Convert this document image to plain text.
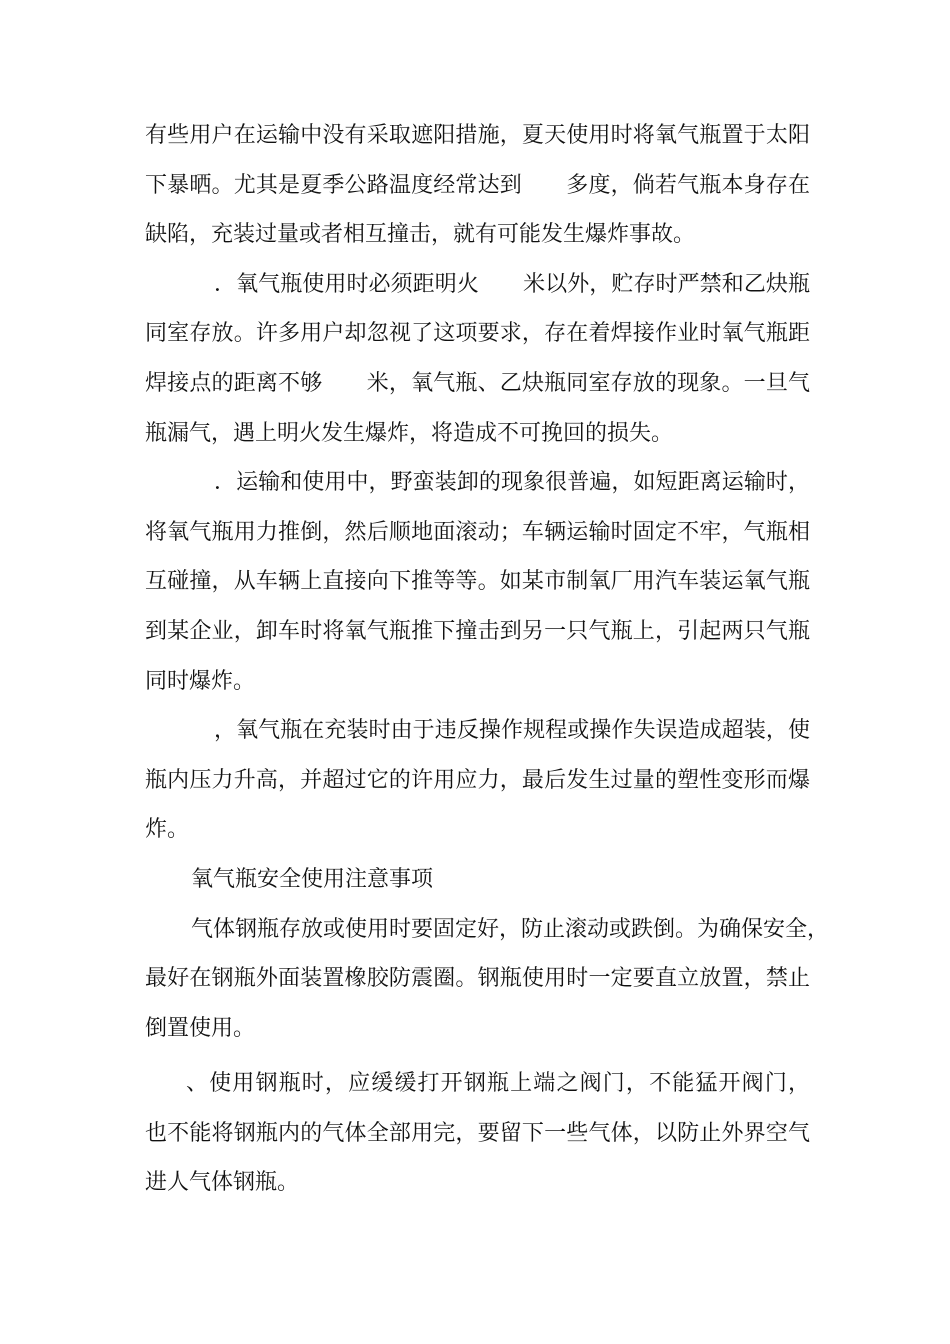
有些用户在运输中没有采取遮阳措施，夏天使用时将氧气瓶置于太阳
下暴晒。尤其是夏季公路温度经常达到　　多度，倘若气瓶本身存在
缺陷，充装过量或者相互撞击，就有可能发生爆炸事故。
．氧气瓶使用时必须距明火　　米以外，贮存时严禁和乙炔瓶
同室存放。许多用户却忽视了这项要求，存在着焊接作业时氧气瓶距
焊接点的距离不够　　米，氧气瓶、乙炔瓶同室存放的现象。一旦气
瓶漏气，遇上明火发生爆炸，将造成不可挽回的损失。
．运输和使用中，野蛮装卸的现象很普遍，如短距离运输时，
将氧气瓶用力推倒，然后顺地面滚动；车辆运输时固定不牢，气瓶相
互碰撞，从车辆上直接向下推等等。如某市制氧厂用汽车装运氧气瓶
到某企业，卸车时将氧气瓶推下撞击到另一只气瓶上，引起两只气瓶
同时爆炸。
，氧气瓶在充装时由于违反操作规程或操作失误造成超装，使
瓶内压力升高，并超过它的许用应力，最后发生过量的塑性变形而爆
炸。
氧气瓶安全使用注意事项
气体钢瓶存放或使用时要固定好，防止滚动或跌倒。为确保安全，
最好在钢瓶外面装置橡胶防震圈。钢瓶使用时一定要直立放置，禁止
倒置使用。
、使用钢瓶时，应缓缓打开钢瓶上端之阀门，不能猛开阀门，
也不能将钢瓶内的气体全部用完，要留下一些气体，以防止外界空气
进人气体钢瓶。
